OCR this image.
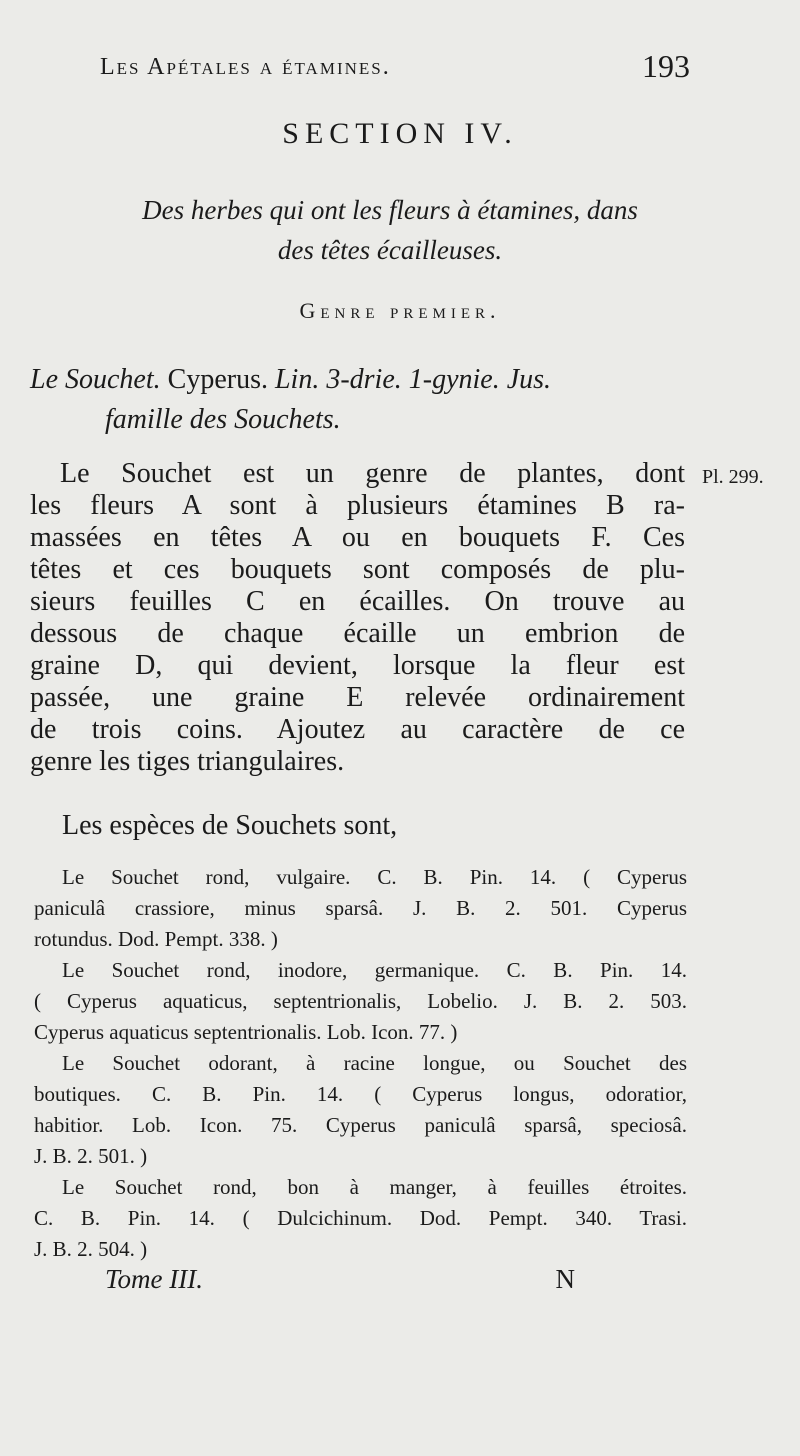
Les Apétales a étamines.	193
SECTION IV.
Des herbes qui ont les fleurs à étamines, dans
des têtes écailleuses.
Genre premier.
Le Souchet. Cyperus. Lin. 3-drie. 1-gynie. Jus.
famille des Souchets.
Le Souchet est un genre de plantes, dont
les fleurs A sont à plusieurs étamines B ra-
massées en têtes A ou en bouquets F. Ces
têtes et ces bouquets sont composés de plu-
sieurs feuilles C en écailles. On trouve au
dessous de chaque écaille un embrion de
graine D, qui devient, lorsque la fleur est
passée, une graine E relevée ordinairement
de trois coins. Ajoutez au caractère de ce
genre les tiges triangulaires.
Pl. 299.
Les espèces de Souchets sont,
Le Souchet rond, vulgaire. C. B. Pin. 14. ( Cyperus
paniculâ crassiore, minus sparsâ. J. B. 2. 501. Cyperus
rotundus. Dod. Pempt. 338. )
Le Souchet rond, inodore, germanique. C. B. Pin. 14.
( Cyperus aquaticus, septentrionalis, Lobelio. J. B. 2. 503.
Cyperus aquaticus septentrionalis. Lob. Icon. 77. )
Le Souchet odorant, à racine longue, ou Souchet des
boutiques. C. B. Pin. 14. ( Cyperus longus, odoratior,
habitior. Lob. Icon. 75. Cyperus paniculâ sparsâ, speciosâ.
J. B. 2. 501. )
Le Souchet rond, bon à manger, à feuilles étroites.
C. B. Pin. 14. ( Dulcichinum. Dod. Pempt. 340. Trasi.
J. B. 2. 504. )
Tome III.	N
